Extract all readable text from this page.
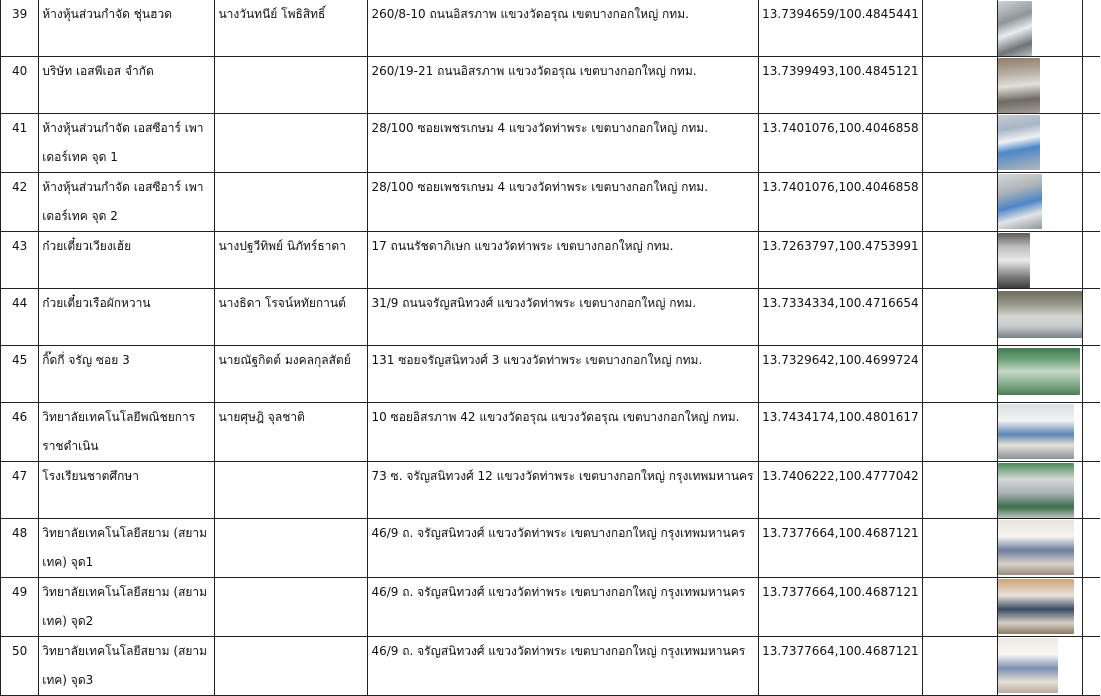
39	ห้างหุ้นส่วนกำจัด ชุ่นฮวด	นางวันทนีย์ โพธิสิทธิ์	260/8-10 ถนนอิสรภาพ แขวงวัดอรุณ เขตบางกอกใหญ่ กทม.	13.7394659/100.4845441		

40	บริษัท เอสพีเอส จำกัด		260/19-21 ถนนอิสรภาพ แขวงวัดอรุณ เขตบางกอกใหญ่ กทม.	13.7399493,100.4845121		

41	ห้างหุ้นส่วนกำจัด เอสซีอาร์ เพาเดอร์เทค จุด 1		28/100 ซอยเพชรเกษม 4 แขวงวัดท่าพระ เขตบางกอกใหญ่ กทม.	13.7401076,100.4046858		

42	ห้างหุ้นส่วนกำจัด เอสซีอาร์ เพาเดอร์เทค จุด 2		28/100 ซอยเพชรเกษม 4 แขวงวัดท่าพระ เขตบางกอกใหญ่ กทม.	13.7401076,100.4046858		

43	ก๋วยเตี๋ยวเวียงเฮ้ย	นางปฐวีทิพย์ นิภัทร์ธาดา	17 ถนนรัชดาภิเษก แขวงวัดท่าพระ เขตบางกอกใหญ่ กทม.	13.7263797,100.4753991		

44	ก๋วยเตี๋ยวเรือผักหวาน	นางธิดา โรจน์หทัยกานต์	31/9 ถนนจรัญสนิทวงศ์ แขวงวัดท่าพระ เขตบางกอกใหญ่ กทม.	13.7334334,100.4716654		

45	กิ๊ดกี่ จรัญ ซอย 3	นายณัฐกิตต์ มงคลกุลสัตย์	131 ซอยจรัญสนิทวงศ์ 3 แขวงวัดท่าพระ เขตบางกอกใหญ่ กทม.	13.7329642,100.4699724		

46	วิทยาลัยเทคโนโลยีพณิชยการราชดำเนิน	นายศุษฎิ จุลชาติ	10 ซอยอิสรภาพ 42 แขวงวัดอรุณ แขวงวัดอรุณ เขตบางกอกใหญ่ กทม.	13.7434174,100.4801617		

47	โรงเรียนชาตศึกษา		73 ซ. จรัญสนิทวงศ์ 12 แขวงวัดท่าพระ เขตบางกอกใหญ่ กรุงเทพมหานคร	13.7406222,100.4777042		

48	วิทยาลัยเทคโนโลยีสยาม (สยามเทค) จุด1		46/9 ถ. จรัญสนิทวงศ์ แขวงวัดท่าพระ เขตบางกอกใหญ่ กรุงเทพมหานคร	13.7377664,100.4687121		

49	วิทยาลัยเทคโนโลยีสยาม (สยามเทค) จุด2		46/9 ถ. จรัญสนิทวงศ์ แขวงวัดท่าพระ เขตบางกอกใหญ่ กรุงเทพมหานคร	13.7377664,100.4687121		

50	วิทยาลัยเทคโนโลยีสยาม (สยามเทค) จุด3		46/9 ถ. จรัญสนิทวงศ์ แขวงวัดท่าพระ เขตบางกอกใหญ่ กรุงเทพมหานคร	13.7377664,100.4687121		
